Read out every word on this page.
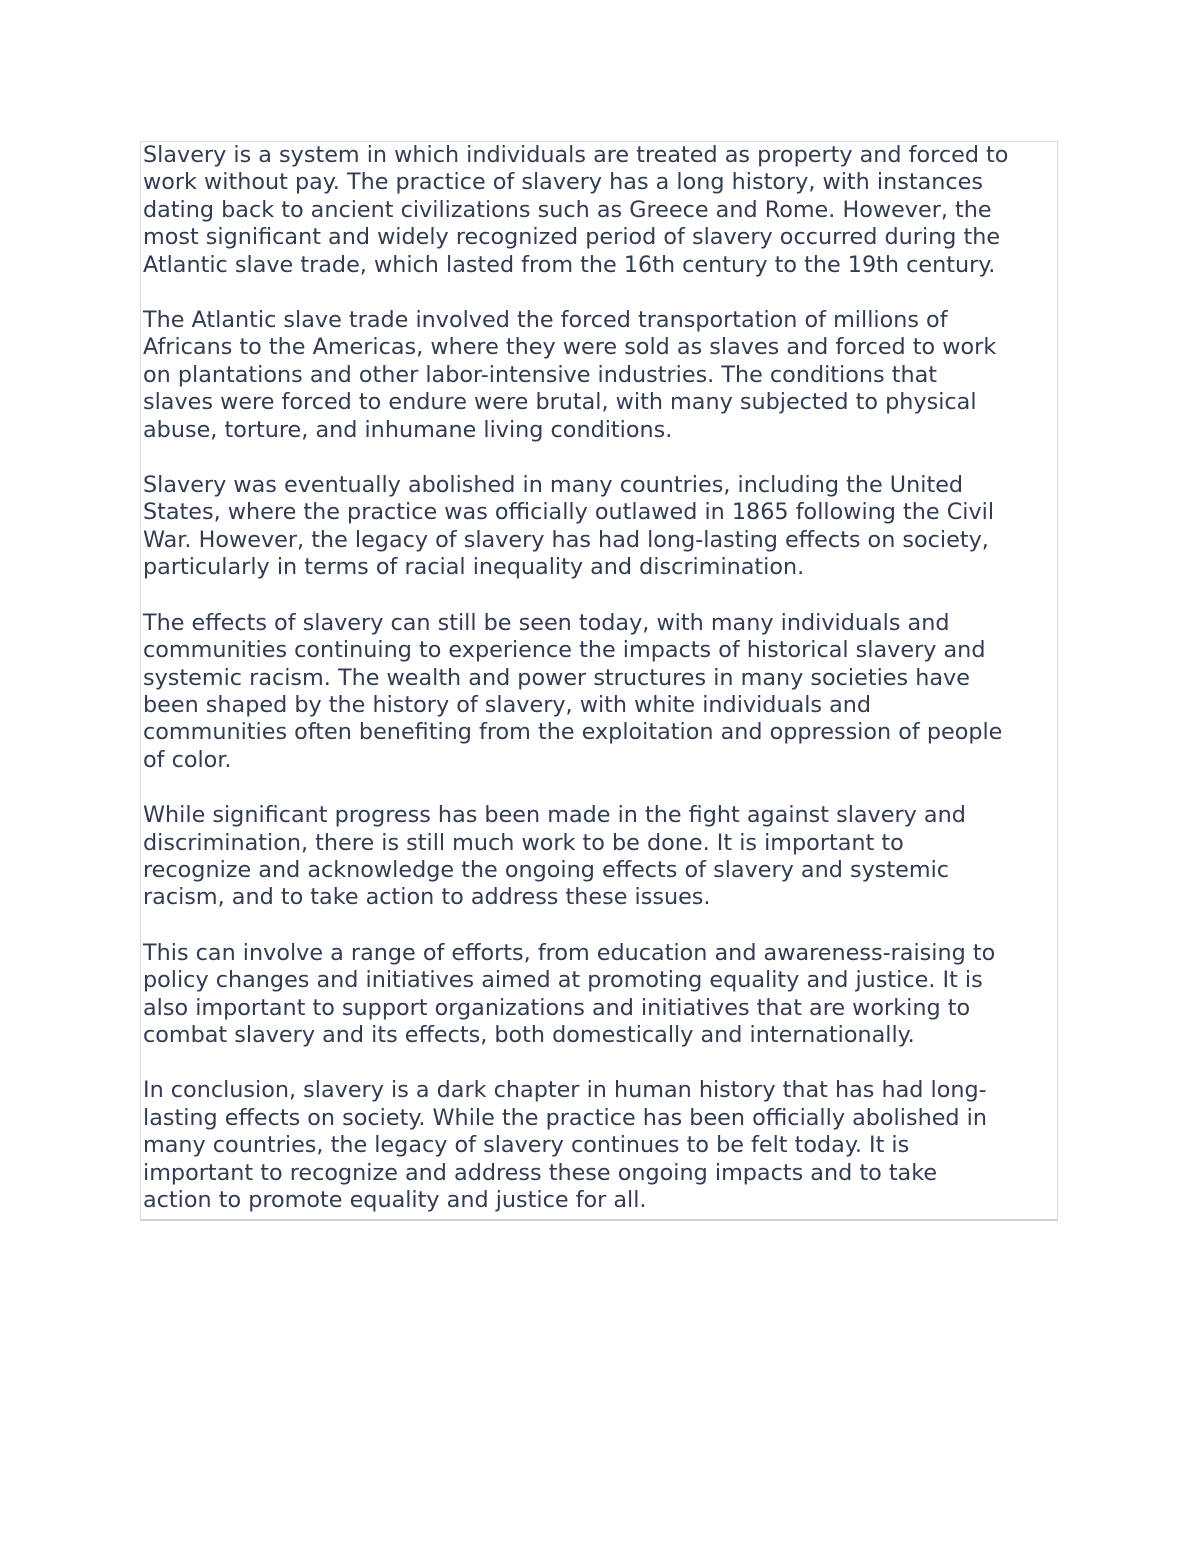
Slavery is a system in which individuals are treated as property and forced to
work without pay. The practice of slavery has a long history, with instances
dating back to ancient civilizations such as Greece and Rome. However, the
most significant and widely recognized period of slavery occurred during the
Atlantic slave trade, which lasted from the 16th century to the 19th century.

The Atlantic slave trade involved the forced transportation of millions of
Africans to the Americas, where they were sold as slaves and forced to work
on plantations and other labor-intensive industries. The conditions that
slaves were forced to endure were brutal, with many subjected to physical
abuse, torture, and inhumane living conditions.

Slavery was eventually abolished in many countries, including the United
States, where the practice was officially outlawed in 1865 following the Civil
War. However, the legacy of slavery has had long-lasting effects on society,
particularly in terms of racial inequality and discrimination.

The effects of slavery can still be seen today, with many individuals and
communities continuing to experience the impacts of historical slavery and
systemic racism. The wealth and power structures in many societies have
been shaped by the history of slavery, with white individuals and
communities often benefiting from the exploitation and oppression of people
of color.

While significant progress has been made in the fight against slavery and
discrimination, there is still much work to be done. It is important to
recognize and acknowledge the ongoing effects of slavery and systemic
racism, and to take action to address these issues.

This can involve a range of efforts, from education and awareness-raising to
policy changes and initiatives aimed at promoting equality and justice. It is
also important to support organizations and initiatives that are working to
combat slavery and its effects, both domestically and internationally.

In conclusion, slavery is a dark chapter in human history that has had long-
lasting effects on society. While the practice has been officially abolished in
many countries, the legacy of slavery continues to be felt today. It is
important to recognize and address these ongoing impacts and to take
action to promote equality and justice for all.
